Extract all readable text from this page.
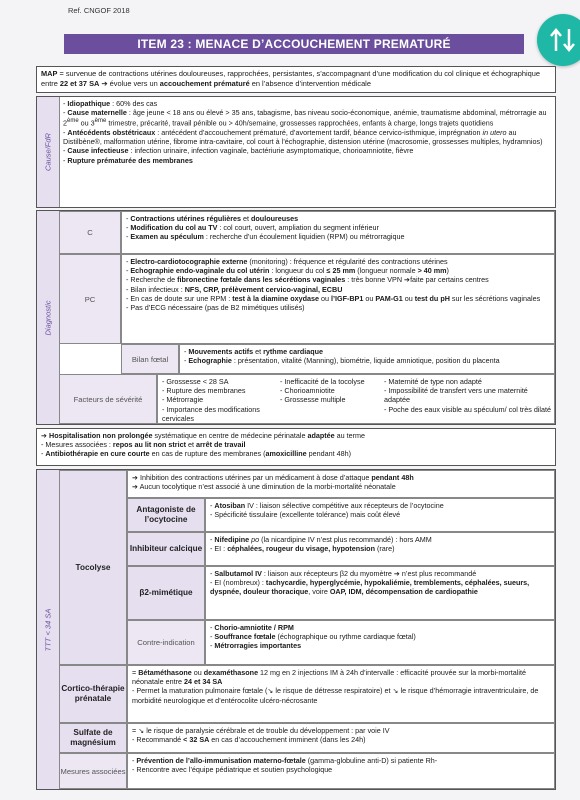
Ref. CNGOF 2018
ITEM 23 : MENACE D’ACCOUCHEMENT PREMATURÉ
MAP = survenue de contractions utérines douloureuses, rapprochées, persistantes, s’accompagnant d’une modification du col clinique et échographique entre 22 et 37 SA ➔ évolue vers un accouchement prématuré en l’absence d’intervention médicale
Cause/FdR
- Idiopathique : 60% des cas
- Cause maternelle : âge jeune < 18 ans ou élevé > 35 ans, tabagisme, bas niveau socio-économique, anémie, traumatisme abdominal, métrorragie au 2ème ou 3ème trimestre, précarité, travail pénible ou > 40h/semaine, grossesses rapprochées, enfants à charge, longs trajets quotidiens
- Antécédents obstétricaux : antécédent d’accouchement prématuré, d’avortement tardif, béance cervico-isthmique, imprégnation in utero au Distilbène®, malformation utérine, fibrome intra-cavitaire, col court à l’échographie, distension utérine (macrosomie, grossesses multiples, hydramnios)
- Cause infectieuse : infection urinaire, infection vaginale, bactériurie asymptomatique, chorioamniotite, fièvre
- Rupture prématurée des membranes
Diagnostic
C
- Contractions utérines régulières et douloureuses
- Modification du col au TV : col court, ouvert, ampliation du segment inférieur
- Examen au spéculum : recherche d’un écoulement liquidien (RPM) ou métrorragique
PC
- Electro-cardiotocographie externe (monitoring) : fréquence et régularité des contractions utérines
- Echographie endo-vaginale du col utérin : longueur du col ≤ 25 mm (longueur normale > 40 mm)
- Recherche de fibronectine fœtale dans les sécrétions vaginales : très bonne VPN ➔faite par certains centres
- Bilan infectieux : NFS, CRP, prélèvement cervico-vaginal, ECBU
- En cas de doute sur une RPM : test à la diamine oxydase ou l’IGF-BP1 ou PAM-G1 ou test du pH sur les sécrétions vaginales
- Pas d’ECG nécessaire (pas de B2 mimétiques utilisés)
Bilan fœtal
- Mouvements actifs et rythme cardiaque
- Echographie : présentation, vitalité (Manning), biométrie, liquide amniotique, position du placenta
Facteurs de sévérité
- Grossesse < 28 SA
- Rupture des membranes
- Métrorragie
- Importance des modifications cervicales
- Inefficacité de la tocolyse
- Chorioamniotite
- Grossesse multiple
- Maternité de type non adapté
- Impossibilité de transfert vers une maternité adaptée
- Poche des eaux visible au spéculum/ col très dilaté
➔ Hospitalisation non prolongée systématique en centre de médecine périnatale adaptée au terme
- Mesures associées : repos au lit non strict et arrêt de travail
- Antibiothérapie en cure courte en cas de rupture des membranes (amoxicilline pendant 48h)
TTT < 34 SA
Tocolyse
➔ Inhibition des contractions utérines par un médicament à dose d’attaque pendant 48h
➔ Aucun tocolytique n’est associé à une diminution de la morbi-mortalité néonatale
Antagoniste de l’ocytocine
- Atosiban IV : liaison sélective compétitive aux récepteurs de l’ocytocine
- Spécificité tissulaire (excellente tolérance) mais coût élevé
Inhibiteur calcique
- Nifedipine po (la nicardipine IV n’est plus recommandé) : hors AMM
- EI : céphalées, rougeur du visage, hypotension (rare)
β2-mimétique
- Salbutamol IV : liaison aux récepteurs β2 du myomètre ➔ n’est plus recommandé
- EI (nombreux) : tachycardie, hyperglycémie, hypokaliémie, tremblements, céphalées, sueurs, dyspnée, douleur thoracique, voire OAP, IDM, décompensation de cardiopathie
Contre-indication
- Chorio-amniotite / RPM
- Souffrance fœtale (échographique ou rythme cardiaque fœtal)
- Métrorragies importantes
Cortico-thérapie prénatale
= Bétaméthasone ou dexaméthasone 12 mg en 2 injections IM à 24h d’intervalle : efficacité prouvée sur la morbi-mortalité néonatale entre 24 et 34 SA
- Permet la maturation pulmonaire fœtale (↘ le risque de détresse respiratoire) et ↘ le risque d’hémorragie intraventriculaire, de morbidité neurologique et d’entérocolite ulcéro-nécrosante
Sulfate de magnésium
= ↘ le risque de paralysie cérébrale et de trouble du développement : par voie IV
- Recommandé < 32 SA en cas d’accouchement imminent (dans les 24h)
Mesures associées
- Prévention de l’allo-immunisation materno-fœtale (gamma-globuline anti-D) si patiente Rh-
- Rencontre avec l’équipe pédiatrique et soutien psychologique
